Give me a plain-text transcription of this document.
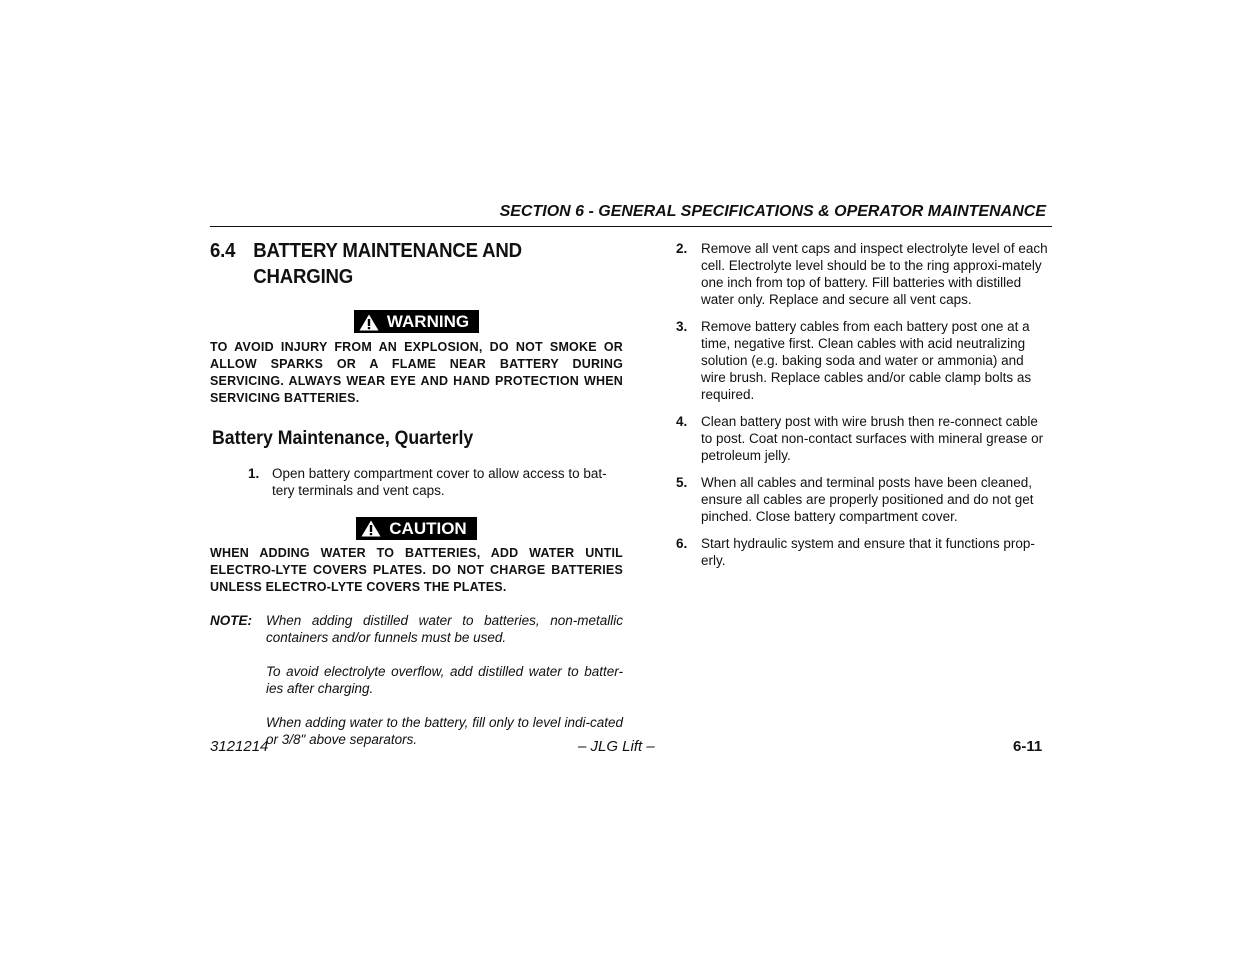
SECTION 6 - GENERAL SPECIFICATIONS & OPERATOR MAINTENANCE
6.4 BATTERY MAINTENANCE AND CHARGING
WARNING
TO AVOID INJURY FROM AN EXPLOSION, DO NOT SMOKE OR ALLOW SPARKS OR A FLAME NEAR BATTERY DURING SERVICING. ALWAYS WEAR EYE AND HAND PROTECTION WHEN SERVICING BATTERIES.
Battery Maintenance, Quarterly
1. Open battery compartment cover to allow access to bat-tery terminals and vent caps.
CAUTION
WHEN ADDING WATER TO BATTERIES, ADD WATER UNTIL ELECTRO-LYTE COVERS PLATES. DO NOT CHARGE BATTERIES UNLESS ELECTRO-LYTE COVERS THE PLATES.
NOTE:	When adding distilled water to batteries, non-metallic containers and/or funnels must be used.

To avoid electrolyte overflow, add distilled water to batter-ies after charging.

When adding water to the battery, fill only to level indi-cated or 3/8" above separators.

2.	Remove all vent caps and inspect electrolyte level of each cell. Electrolyte level should be to the ring approxi-mately one inch from top of battery. Fill batteries with distilled water only. Replace and secure all vent caps.
3.	Remove battery cables from each battery post one at a time, negative first. Clean cables with acid neutralizing solution (e.g. baking soda and water or ammonia) and wire brush. Replace cables and/or cable clamp bolts as required.
4.	Clean battery post with wire brush then re-connect cable to post. Coat non-contact surfaces with mineral grease or petroleum jelly.
5.	When all cables and terminal posts have been cleaned, ensure all cables are properly positioned and do not get pinched. Close battery compartment cover.
6.	Start hydraulic system and ensure that it functions prop-erly.
3121214	– JLG Lift –	6-11
